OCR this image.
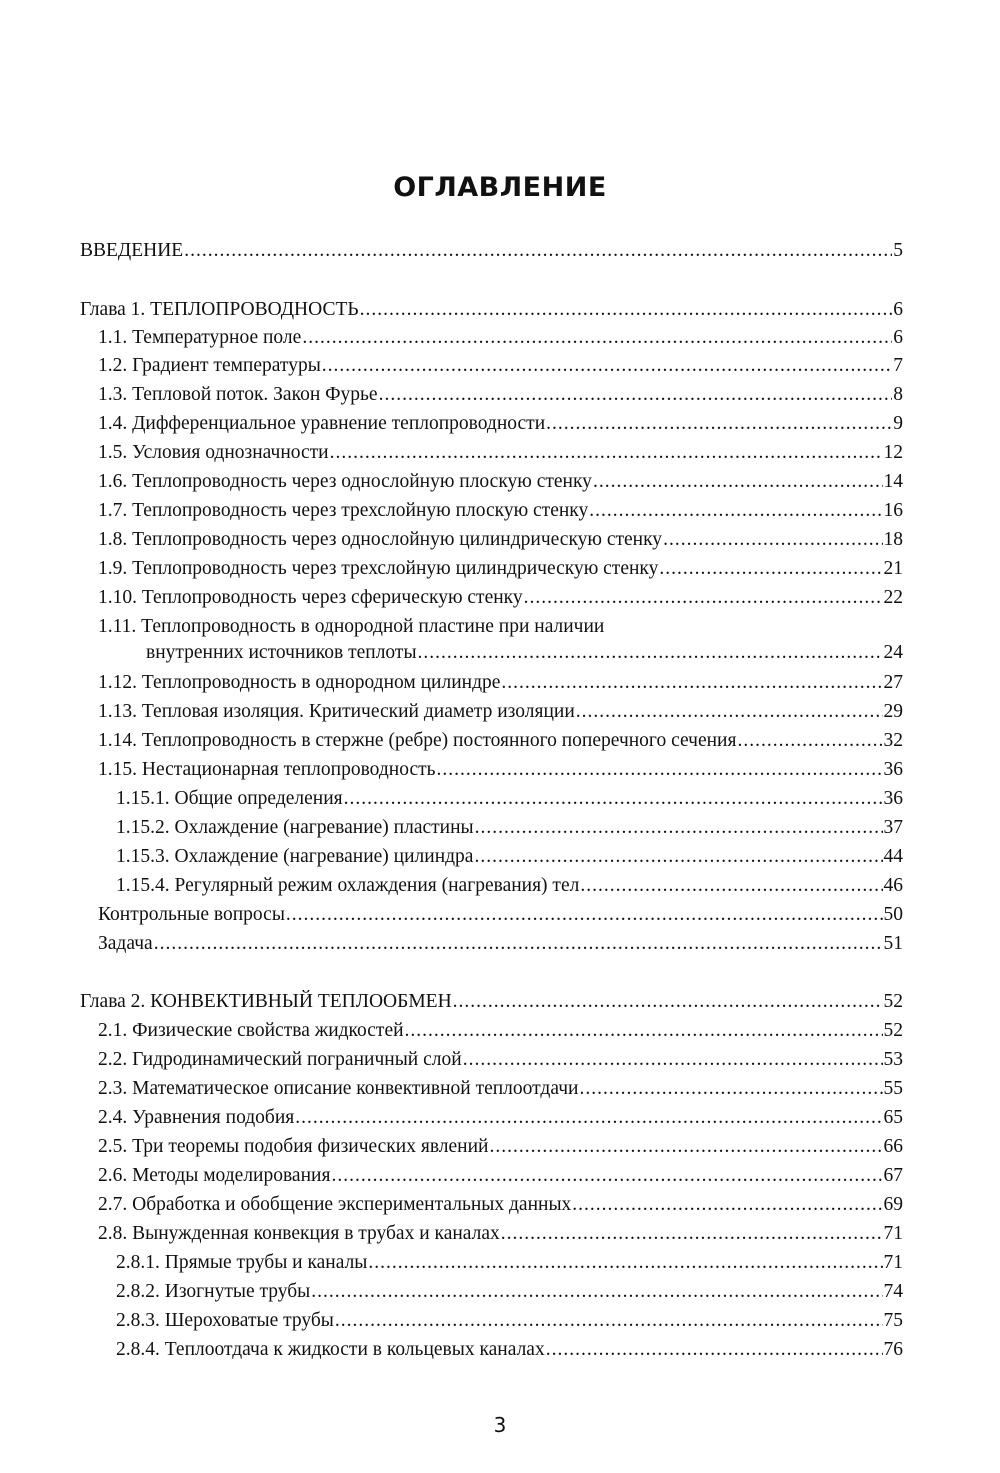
ОГЛАВЛЕНИЕ
ВВЕДЕНИЕ .....	5
Глава 1. ТЕПЛОПРОВОДНОСТЬ .....	6
1.1. Температурное поле .....	6
1.2. Градиент температуры .....	7
1.3. Тепловой поток. Закон Фурье .....	8
1.4. Дифференциальное уравнение теплопроводности .....	9
1.5. Условия однозначности .....	12
1.6. Теплопроводность через однослойную плоскую стенку .....	14
1.7. Теплопроводность через трехслойную плоскую стенку .....	16
1.8. Теплопроводность через однослойную цилиндрическую стенку .....	18
1.9. Теплопроводность через трехслойную цилиндрическую стенку .....	21
1.10. Теплопроводность через сферическую стенку .....	22
1.11. Теплопроводность в однородной пластине при наличии
внутренних источников теплоты .....	24
1.12. Теплопроводность в однородном цилиндре .....	27
1.13. Тепловая изоляция. Критический диаметр изоляции .....	29
1.14. Теплопроводность в стержне (ребре) постоянного поперечного сечения .....	32
1.15. Нестационарная теплопроводность .....	36
1.15.1. Общие определения .....	36
1.15.2. Охлаждение (нагревание) пластины .....	37
1.15.3. Охлаждение (нагревание) цилиндра .....	44
1.15.4. Регулярный режим охлаждения (нагревания) тел .....	46
Контрольные вопросы .....	50
Задача .....	51
Глава 2. КОНВЕКТИВНЫЙ ТЕПЛООБМЕН .....	52
2.1. Физические свойства жидкостей .....	52
2.2. Гидродинамический пограничный слой .....	53
2.3. Математическое описание конвективной теплоотдачи .....	55
2.4. Уравнения подобия .....	65
2.5. Три теоремы подобия физических явлений .....	66
2.6. Методы моделирования .....	67
2.7. Обработка и обобщение экспериментальных данных .....	69
2.8. Вынужденная конвекция в трубах и каналах .....	71
2.8.1. Прямые трубы и каналы .....	71
2.8.2. Изогнутые трубы .....	74
2.8.3. Шероховатые трубы .....	75
2.8.4. Теплоотдача к жидкости в кольцевых каналах .....	76
3
